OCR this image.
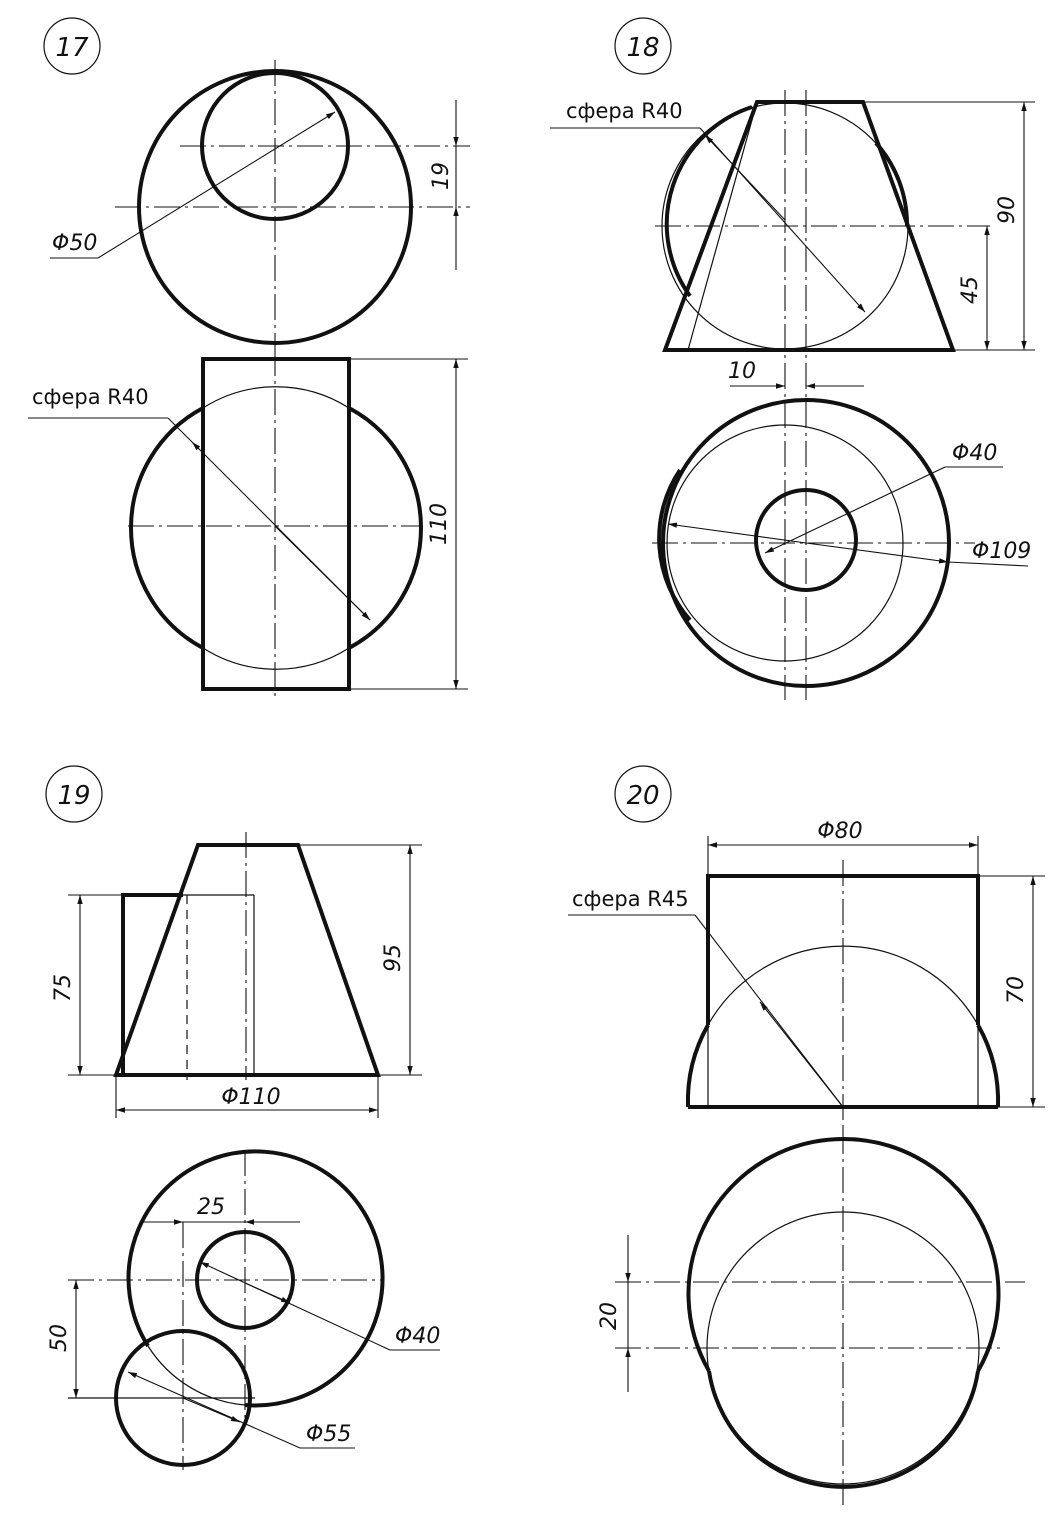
17
19
Φ50
сфера R40
110
18
сфера R40
90
45
10
Φ40
Φ109
19
75
95
Φ110
25
50	Φ40
Φ55
20
Φ80
сфера R45
70
20
